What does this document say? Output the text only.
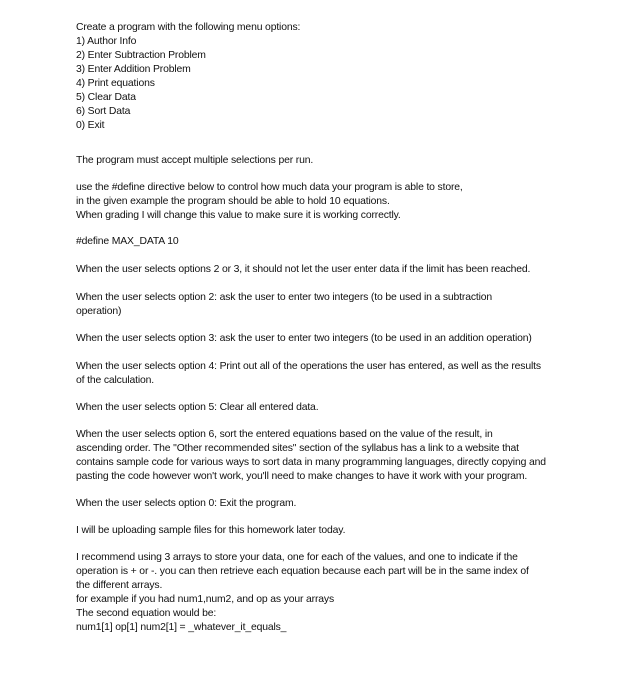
Create a program with the following menu options:

1) Author Info

2) Enter Subtraction Problem

3) Enter Addition Problem

4) Print equations

5) Clear Data

6) Sort Data

0) Exit

The program must accept multiple selections per run.

use the #define directive below to control how much data your program is able to store,

in the given example the program should be able to hold 10 equations.

When grading I will change this value to make sure it is working correctly.

#define MAX_DATA 10

When the user selects options 2 or 3, it should not let the user enter data if the limit has been reached.

When the user selects option 2: ask the user to enter two integers (to be used in a subtraction

operation)

When the user selects option 3: ask the user to enter two integers (to be used in an addition operation)

When the user selects option 4: Print out all of the operations the user has entered, as well as the results

of the calculation.

When the user selects option 5: Clear all entered data.

When the user selects option 6, sort the entered equations based on the value of the result, in

ascending order. The "Other recommended sites" section of the syllabus has a link to a website that

contains sample code for various ways to sort data in many programming languages, directly copying and

pasting the code however won't work, you'll need to make changes to have it work with your program.

When the user selects option 0: Exit the program.

I will be uploading sample files for this homework later today.

I recommend using 3 arrays to store your data, one for each of the values, and one to indicate if the

operation is + or -. you can then retrieve each equation because each part will be in the same index of

the different arrays.

for example if you had num1,num2, and op as your arrays

The second equation would be:

num1[1] op[1] num2[1] = _whatever_it_equals_
